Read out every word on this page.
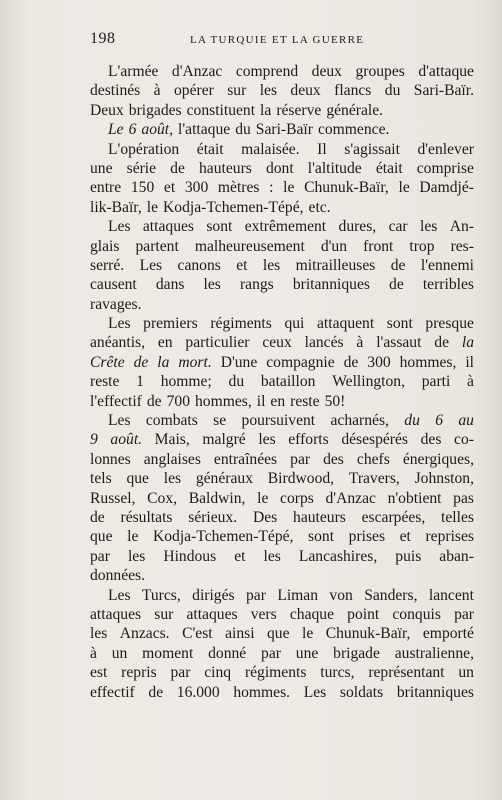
198	LA TURQUIE ET LA GUERRE
L'armée d'Anzac comprend deux groupes d'attaque
destinés à opérer sur les deux flancs du Sari-Baïr.
Deux brigades constituent la réserve générale.
Le 6 août, l'attaque du Sari-Baïr commence.
L'opération était malaisée. Il s'agissait d'enlever
une série de hauteurs dont l'altitude était comprise
entre 150 et 300 mètres : le Chunuk-Baïr, le Damdjé-
lik-Baïr, le Kodja-Tchemen-Tépé, etc.
Les attaques sont extrêmement dures, car les An-
glais partent malheureusement d'un front trop res-
serré. Les canons et les mitrailleuses de l'ennemi
causent dans les rangs britanniques de terribles
ravages.
Les premiers régiments qui attaquent sont presque
anéantis, en particulier ceux lancés à l'assaut de la
Crête de la mort. D'une compagnie de 300 hommes, il
reste 1 homme; du bataillon Wellington, parti à
l'effectif de 700 hommes, il en reste 50!
Les combats se poursuivent acharnés, du 6 au
9 août. Mais, malgré les efforts désespérés des co-
lonnes anglaises entraînées par des chefs énergiques,
tels que les généraux Birdwood, Travers, Johnston,
Russel, Cox, Baldwin, le corps d'Anzac n'obtient pas
de résultats sérieux. Des hauteurs escarpées, telles
que le Kodja-Tchemen-Tépé, sont prises et reprises
par les Hindous et les Lancashires, puis aban-
données.
Les Turcs, dirigés par Liman von Sanders, lancent
attaques sur attaques vers chaque point conquis par
les Anzacs. C'est ainsi que le Chunuk-Baïr, emporté
à un moment donné par une brigade australienne,
est repris par cinq régiments turcs, représentant un
effectif de 16.000 hommes. Les soldats britanniques
